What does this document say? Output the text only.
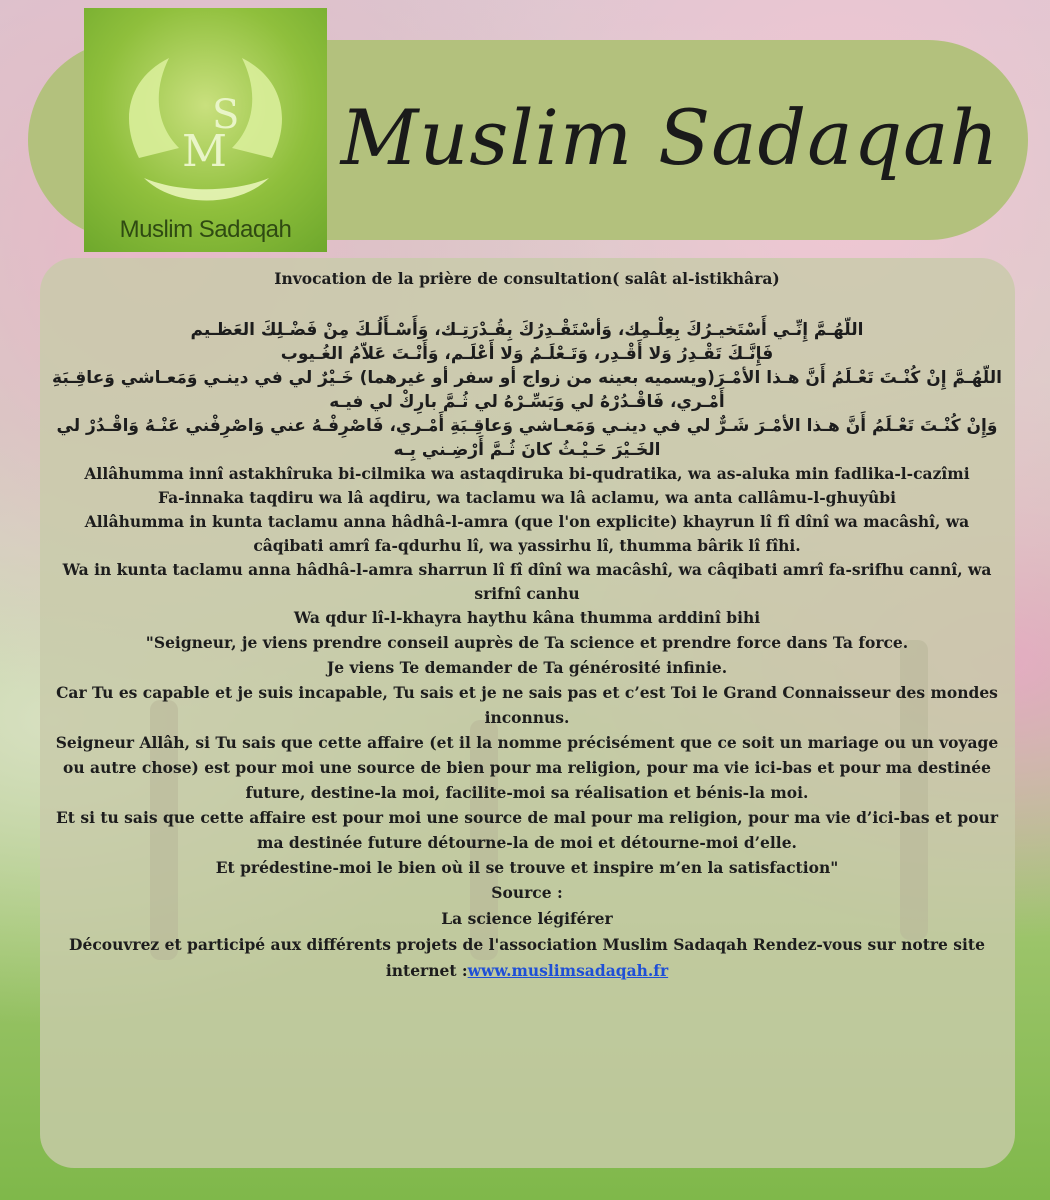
S
M
Muslim Sadaqah
Muslim Sadaqah
Invocation de la prière de consultation( salât al-istikhâra)

اللّهُـمَّ إِنِّـي أَسْتَخيـرُكَ بِعِلْـمِك، وَأسْتَقْـدِرُكَ بِقُـدْرَتِـك، وَأَسْـأَلُـكَ مِنْ فَضْـلِكَ العَظـيم

فَإِنَّـكَ تَقْـدِرُ وَلا أَقْـدِر، وَتَـعْلَـمُ وَلا أَعْلَـم، وَأَنْـتَ عَلاّمُ الغُـيوب

اللّهُـمَّ إِنْ كُنْـتَ تَعْـلَمُ أَنَّ هـذا الأمْـرَ(ويسميه بعينه من زواج أو سفر أو غيرهما) خَـيْرٌ لي في دينـي وَمَعـاشي وَعاقِـبَةِ أَمْـري، فَاقْـدُرْهُ لي وَيَسِّـرْهُ لي ثُـمَّ بارِكْ لي فيـه

وَإِنْ كُنْـتَ تَعْـلَمُ أَنَّ هـذا الأمْـرَ شَـرٌّ لي في دينـي وَمَعـاشي وَعاقِـبَةِ أَمْـري، فَاصْرِفْـهُ عني وَاصْرِفْني عَنْـهُ وَاقْـدُرْ لي الخَـيْرَ حَـيْـثُ كانَ ثُـمَّ أَرْضِـني بِـه

Allâhumma innî astakhîruka bi-cilmika wa astaqdiruka bi-qudratika, wa as-aluka min fadlika-l-cazîmi

Fa-innaka taqdiru wa lâ aqdiru, wa taclamu wa lâ aclamu, wa anta callâmu-l-ghuyûbi

Allâhumma in kunta taclamu anna hâdhâ-l-amra (que l'on explicite) khayrun lî fî dînî wa macâshî, wa câqibati amrî fa-qdurhu lî, wa yassirhu lî, thumma bârik lî fîhi.

Wa in kunta taclamu anna hâdhâ-l-amra sharrun lî fî dînî wa macâshî, wa câqibati amrî fa-srifhu cannî, wa srifnî canhu

Wa qdur lî-l-khayra haythu kâna thumma arddinî bihi

"Seigneur, je viens prendre conseil auprès de Ta science et prendre force dans Ta force.

Je viens Te demander de Ta générosité infinie.

Car Tu es capable et je suis incapable, Tu sais et je ne sais pas et c’est Toi le Grand Connaisseur des mondes inconnus.

Seigneur Allâh, si Tu sais que cette affaire (et il la nomme précisément que ce soit un mariage ou un voyage ou autre chose) est pour moi une source de bien pour ma religion, pour ma vie ici-bas et pour ma destinée future, destine-la moi, facilite-moi sa réalisation et bénis-la moi.

Et si tu sais que cette affaire est pour moi une source de mal pour ma religion, pour ma vie d’ici-bas et pour ma destinée future détourne-la de moi et détourne-moi d’elle.

Et prédestine-moi le bien où il se trouve et inspire m’en la satisfaction"

Source :
La science légiférer
Découvrez et participé aux différents projets de l'association Muslim Sadaqah Rendez-vous sur notre site internet :www.muslimsadaqah.fr
